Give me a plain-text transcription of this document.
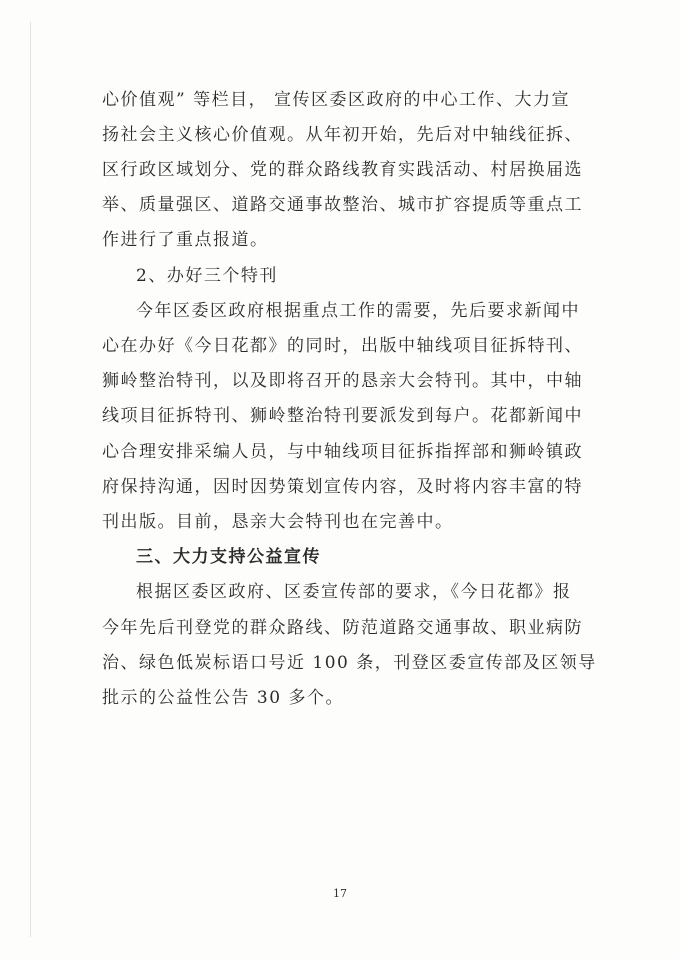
心价值观” 等栏目， 宣传区委区政府的中心工作、大力宣
扬社会主义核心价值观。从年初开始，先后对中轴线征拆、
区行政区域划分、党的群众路线教育实践活动、村居换届选
举、质量强区、道路交通事故整治、城市扩容提质等重点工
作进行了重点报道。
2、办好三个特刊
今年区委区政府根据重点工作的需要，先后要求新闻中
心在办好《今日花都》的同时，出版中轴线项目征拆特刊、
狮岭整治特刊，以及即将召开的恳亲大会特刊。其中，中轴
线项目征拆特刊、狮岭整治特刊要派发到每户。花都新闻中
心合理安排采编人员，与中轴线项目征拆指挥部和狮岭镇政
府保持沟通，因时因势策划宣传内容，及时将内容丰富的特
刊出版。目前，恳亲大会特刊也在完善中。
三、大力支持公益宣传
根据区委区政府、区委宣传部的要求，《今日花都》报
今年先后刊登党的群众路线、防范道路交通事故、职业病防
治、绿色低炭标语口号近 100 条，刊登区委宣传部及区领导
批示的公益性公告 30 多个。
17
